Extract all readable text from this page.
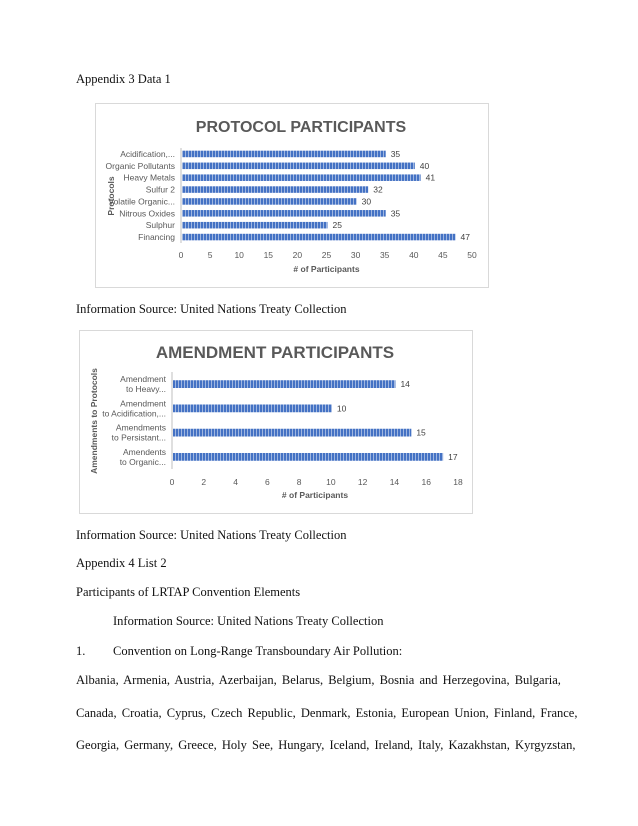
Appendix 3 Data 1
PROTOCOL PARTICIPANTS
35
Acidification,...
40
Organic Pollutants
41
Heavy Metals
32
Sulfur 2
30
Volatile Organic...
35
Nitrous Oxides
25
Sulphur
47
Financing
0	5	10 15 20 25 30 35 40 45 50
# of Participants
Protocols
Information Source: United Nations Treaty Collection
AMENDMENT PARTICIPANTS
14
Amendment
to Heavy...
10
Amendment
to Acidification,...
15
Amendments
to Persistant...
17
Amendents
to Organic...
0	2	4	6	8	10	12	14	16	18
# of Participants
Amendments to Protocols
Information Source: United Nations Treaty Collection
Appendix 4 List 2
Participants of LRTAP Convention Elements
Information Source: United Nations Treaty Collection
1. Convention on Long-Range Transboundary Air Pollution:
Albania, Armenia, Austria, Azerbaijan, Belarus, Belgium, Bosnia and Herzegovina, Bulgaria,
Canada, Croatia, Cyprus, Czech Republic, Denmark, Estonia, European Union, Finland, France,
Georgia, Germany, Greece, Holy See, Hungary, Iceland, Ireland, Italy, Kazakhstan, Kyrgyzstan,
